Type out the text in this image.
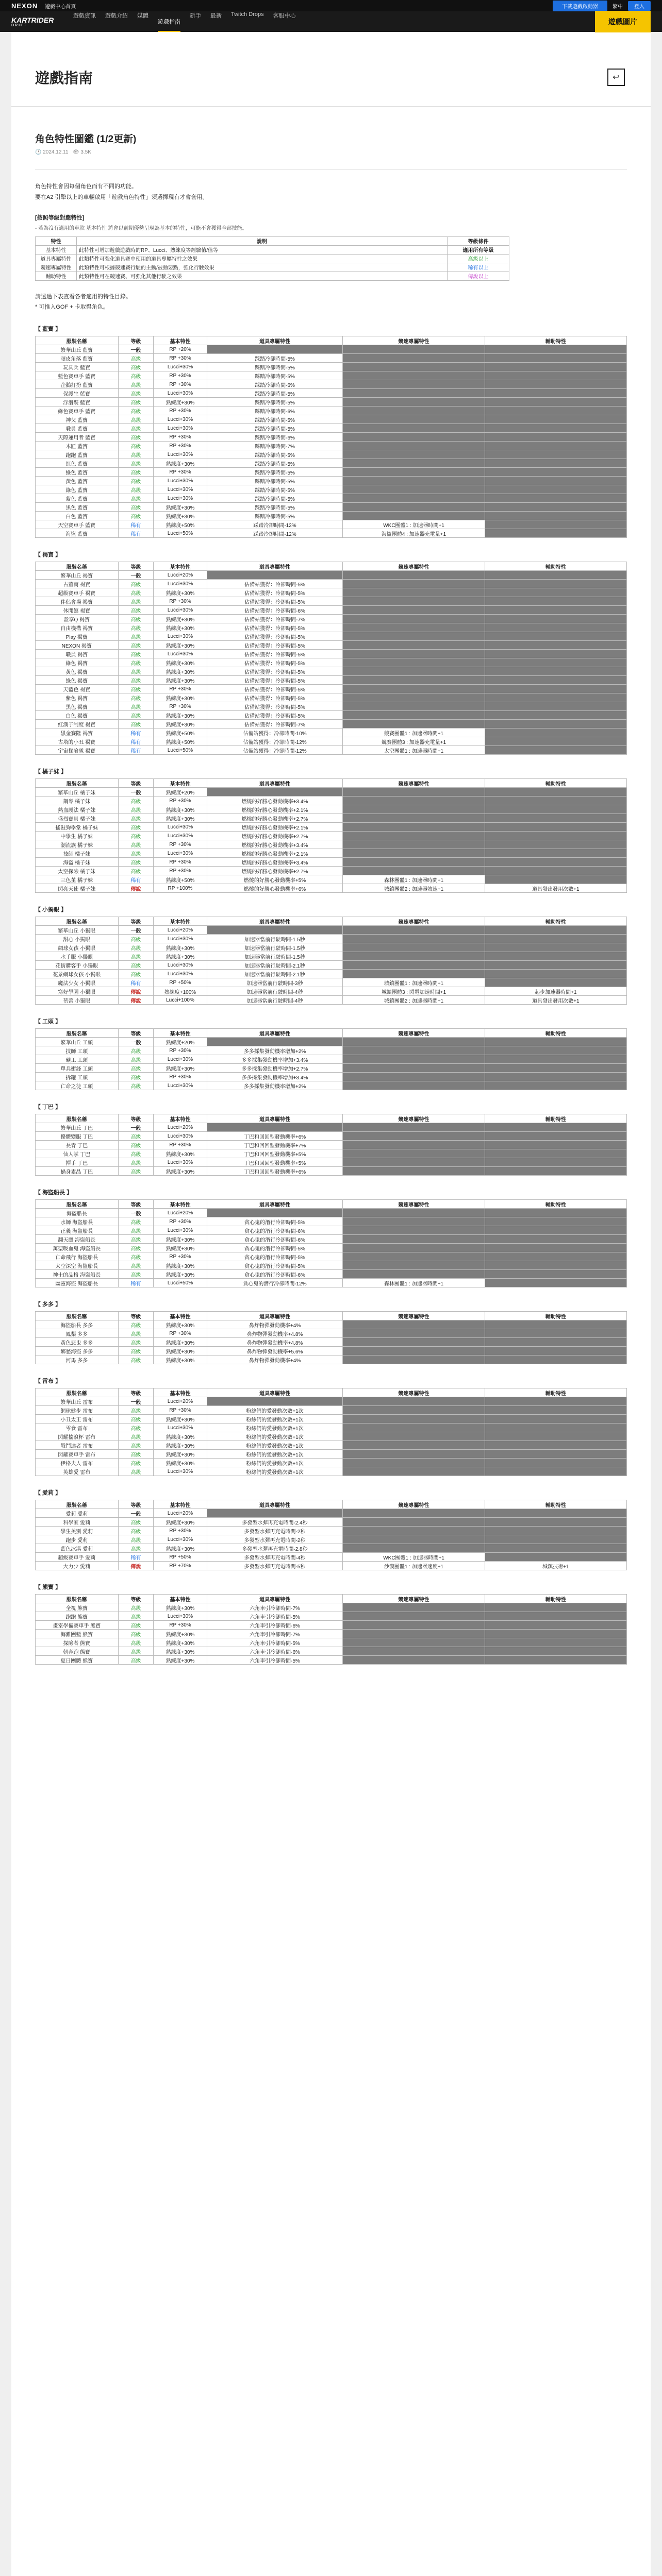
NEXON 遊戲中心首頁	下載遊戲啟動器	繁中	登入
KARTRIDER
DRIFT
遊戲資訊 遊戲介紹 媒體
遊戲指南
新手 最新 Twitch Drops 客服中心
遊戲圖片
遊戲指南	↩
角色特性圖鑑 (1/2更新)
🕓 2024.12.11 👁 3.5K
角色特性會因每個角色而有不同的功能。
要在A2 引擎以上的車輛啟用「遊戲角色特性」須選擇現有才會套用。
[按照等級對應特性]
- 若為沒有適用的車款 基本特性 將會以前期優勢呈現為基本的特性，可能不會獲得全部技能。
特性	說明	等級條件
基本特性	此特性可增加遊戲遊戲時的RP、Lucci、熟練度等經驗值/值等	適用所有等級
道具專屬特性	此類特性可強化道具賽中使用的道具專屬特性之效果	高級以上
競速專屬特性	此類特性可根據競速賽行駛的主動/被動要點，強化行駛效果	稀有以上
輔助特性	此類特性可在競速賽、可強化其他行駛之效果	傳說以上
請透過下表查看各者適用的特性目錄。
* 可推入GOF + 卡取得角色。
【 藍寶 】
服裝名稱	等級	基本特性	道具專屬特性	競速專屬特性	輔助特性
繁華山丘 藍寶	一般	RP +20%			
頑皮角落 藍寶	高級	RP +30%	踩踏冷卻時間-5%		
玩具兵 藍寶	高級	Lucci+30%	踩踏冷卻時間-5%		
藍色賽車手 藍寶	高級	RP +30%	踩踏冷卻時間-5%		
企鵝打扮 藍寶	高級	RP +30%	踩踏冷卻時間-6%		
保護生 藍寶	高級	Lucci+30%	踩踏冷卻時間-5%		
浮潛裝 藍寶	高級	熟練度+30%	踩踏冷卻時間-5%		
綠色賽車手 藍寶	高級	RP +30%	踩踏冷卻時間-6%		
神父 藍寶	高級	Lucci+30%	踩踏冷卻時間-5%		
職員 藍寶	高級	Lucci+30%	踩踏冷卻時間-5%		
天際運用者 藍寶	高級	RP +30%	踩踏冷卻時間-6%		
木匠 藍寶	高級	RP +30%	踩踏冷卻時間-7%		
跑跑 藍寶	高級	Lucci+30%	踩踏冷卻時間-5%		
紅色 藍寶	高級	熟練度+30%	踩踏冷卻時間-5%		
綠色 藍寶	高級	RP +30%	踩踏冷卻時間-5%		
黃色 藍寶	高級	Lucci+30%	踩踏冷卻時間-5%		
綠色 藍寶	高級	Lucci+30%	踩踏冷卻時間-5%		
紫色 藍寶	高級	Lucci+30%	踩踏冷卻時間-5%		
黑色 藍寶	高級	熟練度+30%	踩踏冷卻時間-5%		
白色 藍寶	高級	熟練度+30%	踩踏冷卻時間-5%		
天空賽車手 藍寶	稀有	熟練度+50%	踩踏冷卻時間-12%	WKC團體1 : 加速器時間+1	
海盜 藍寶	稀有	Lucci+50%	踩踏冷卻時間-12%	海盜團體4 : 加速器充電量+1	
【 褐寶 】
服裝名稱	等級	基本特性	道具專屬特性	競速專屬特性	輔助特性
繁華山丘 褐寶	一般	Lucci+20%			
古董商 褐寶	高級	Lucci+30%	佔備站獲得：冷卻時間-5%		
超級賽車手 褐寶	高級	熟練度+30%	佔備站獲得：冷卻時間-5%		
伴侶會場 褐寶	高級	RP +30%	佔備站獲得：冷卻時間-5%		
休閒館 褐寶	高級	Lucci+30%	佔備站獲得：冷卻時間-6%		
盈享Q 褐寶	高級	熟練度+30%	佔備站獲得：冷卻時間-7%		
自由機構 褐寶	高級	熟練度+30%	佔備站獲得：冷卻時間-5%		
Play 褐寶	高級	Lucci+30%	佔備站獲得：冷卻時間-5%		
NEXON 褐寶	高級	熟練度+30%	佔備站獲得：冷卻時間-5%		
職員 褐寶	高級	Lucci+30%	佔備站獲得：冷卻時間-5%		
綠色 褐寶	高級	熟練度+30%	佔備站獲得：冷卻時間-5%		
黃色 褐寶	高級	熟練度+30%	佔備站獲得：冷卻時間-5%		
綠色 褐寶	高級	熟練度+30%	佔備站獲得：冷卻時間-5%		
天藍色 褐寶	高級	RP +30%	佔備站獲得：冷卻時間-5%		
紫色 褐寶	高級	熟練度+30%	佔備站獲得：冷卻時間-5%		
黑色 褐寶	高級	RP +30%	佔備站獲得：冷卻時間-5%		
白色 褐寶	高級	熟練度+30%	佔備站獲得：冷卻時間-5%		
紅漢子制度 褐寶	高級	熟練度+30%	佔備站獲得：冷卻時間-7%		
黑金賽隆 褐寶	稀有	熟練度+50%	佔備站獲得：冷卻時間-10%	競賽團體1 : 加速器時間+1	
古塔的小丑 褐寶	稀有	熟練度+50%	佔備站獲得：冷卻時間-12%	競賽團體3 : 加速器充電量+1	
宇宙探險隊 褐寶	稀有	Lucci+50%	佔備站獲得：冷卻時間-12%	太空團體1 : 加速器時間+1	
【 橘子妹 】
服裝名稱	等級	基本特性	道具專屬特性	競速專屬特性	輔助特性
繁華山丘 橘子妹	一般	熟練度+20%			
鋼琴 橘子妹	高級	RP +30%	燃燒的好勝心發動機率+3.4%		
熱血護法 橘子妹	高級	熟練度+30%	燃燒的好勝心發動機率+2.1%		
盛烈寶貝 橘子妹	高級	熟練度+30%	燃燒的好勝心發動機率+2.7%		
搖鼓狗學堂 橘子妹	高級	Lucci+30%	燃燒的好勝心發動機率+2.1%		
中學生 橘子妹	高級	Lucci+30%	燃燒的好勝心發動機率+2.7%		
潮流族 橘子妹	高級	RP +30%	燃燒的好勝心發動機率+3.4%		
技師 橘子妹	高級	Lucci+30%	燃燒的好勝心發動機率+2.1%		
海盜 橘子妹	高級	RP +30%	燃燒的好勝心發動機率+3.4%		
太空探險 橘子妹	高級	RP +30%	燃燒的好勝心發動機率+2.7%		
三色堇 橘子妹	稀有	熟練度+50%	燃燒的好勝心發動機率+5%	森林團體1 : 加速器時間+1	
閃亮天使 橘子妹	傳說	RP +100%	燃燒的好勝心發動機率+6%	城鎮團體2 : 加速器效速+1	道具發出發用次數+1
【 小獨眼 】
服裝名稱	等級	基本特性	道具專屬特性	競速專屬特性	輔助特性
繁華山丘 小獨眼	一般	Lucci+20%			
甜心 小獨眼	高級	Lucci+30%	加速器當前行駛時間-1.5秒		
網球女孩 小獨眼	高級	熟練度+30%	加速器當前行駛時間-1.5秒		
水手服 小獨眼	高級	熟練度+30%	加速器當前行駛時間-1.5秒		
花街購客手 小獨眼	高級	Lucci+30%	加速器當前行駛時間-2.1秒		
花景網球女孩 小獨眼	高級	Lucci+30%	加速器當前行駛時間-2.1秒		
魔法少女 小獨眼	稀有	RP +50%	加速器當前行駛時間-3秒	城鎮團體1 : 加速器時間+1	
寫好學園 小獨眼	傳說	熟練度+100%	加速器當前行駛時間-4秒	城鎮團體3 : 閃電加速時間+1	起步加速器時間+1
蓓蕾 小獨眼	傳說	Lucci+100%	加速器當前行駛時間-4秒	城鎮團體2 : 加速器時間+1	道具發出發用次數+1
【 工頭 】
服裝名稱	等級	基本特性	道具專屬特性	競速專屬特性	輔助特性
繁華山丘 工頭	一般	熟練度+20%			
技師 工頭	高級	RP +30%	多多採集發動機率增加+2%		
礦工 工頭	高級	Lucci+30%	多多採集發動機率增加+3.4%		
單兵衝鋒 工頭	高級	熟練度+30%	多多採集發動機率增加+2.7%		
拆罐 工頭	高級	RP +30%	多多採集發動機率增加+3.4%		
亡命之徒 工頭	高級	Lucci+30%	多多採集發動機率增加+2%		
【 丁巴 】
服裝名稱	等級	基本特性	道具專屬特性	競速專屬特性	輔助特性
繁華山丘 丁巴	一般	Lucci+20%			
優體變服 丁巴	高級	Lucci+30%	丁巴和回回型發動機率+6%		
長青 丁巴	高級	RP +30%	丁巴和回回型發動機率+7%		
仙人掌 丁巴	高級	熟練度+30%	丁巴和回回型發動機率+5%		
揮手 丁巴	高級	Lucci+30%	丁巴和回回型發動機率+5%		
蝸身素晶 丁巴	高級	熟練度+30%	丁巴和回回型發動機率+6%		
【 海盜船長 】
服裝名稱	等級	基本特性	道具專屬特性	競速專屬特性	輔助特性
海盜船長	一般	Lucci+20%			
水師 海盜船長	高級	RP +30%	貪心鬼的潛行冷卻時間-5%		
正義 海盜船長	高級	Lucci+30%	貪心鬼的潛行冷卻時間-6%		
翻天鷹 海盜船長	高級	熟練度+30%	貪心鬼的潛行冷卻時間-6%		
萬聖吸血鬼 海盜船長	高級	熟練度+30%	貪心鬼的潛行冷卻時間-5%		
亡命飛行 海盜船長	高級	RP +30%	貪心鬼的潛行冷卻時間-5%		
太空深空 海盜船長	高級	熟練度+30%	貪心鬼的潛行冷卻時間-5%		
神士的品格 海盜船長	高級	熟練度+30%	貪心鬼的潛行冷卻時間-6%		
幽靈海盜 海盜船長	稀有	Lucci+50%	貪心鬼的潛行冷卻時間-12%	森林團體1 : 加速器時間+1	
【 多多 】
服裝名稱	等級	基本特性	道具專屬特性	競速專屬特性	輔助特性
海盜船長 多多	高級	熟練度+30%	鼻炸物彈發動機率+4%		
鳳梨 多多	高級	RP +30%	鼻炸物彈發動機率+4.8%		
黃色惡鬼 多多	高級	熟練度+30%	鼻炸物彈發動機率+4.8%		
鄉愁海盜 多多	高級	熟練度+30%	鼻炸物彈發動機率+5.6%		
河馬 多多	高級	熟練度+30%	鼻炸物彈發動機率+4%		
【 雷布 】
服裝名稱	等級	基本特性	道具專屬特性	競速專屬特性	輔助特性
繁華山丘 雷布	一般	Lucci+20%			
網球健步 雷布	高級	RP +30%	粉絲們的愛發動次數+1次		
小丑太王 雷布	高級	熟練度+30%	粉絲們的愛發動次數+1次		
零食 雷布	高級	Lucci+30%	粉絲們的愛發動次數+1次		
閃耀搖滾杯 雷布	高級	熟練度+30%	粉絲們的愛發動次數+1次		
戰鬥達者 雷布	高級	熟練度+30%	粉絲們的愛發動次數+1次		
閃耀賽車手 雷布	高級	熟練度+30%	粉絲們的愛發動次數+1次		
伊格夫人 雷布	高級	熟練度+30%	粉絲們的愛發動次數+1次		
英雄愛 雷布	高級	Lucci+30%	粉絲們的愛發動次數+1次		
【 愛莉 】
服裝名稱	等級	基本特性	道具專屬特性	競速專屬特性	輔助特性
愛莉 愛莉	一般	Lucci+20%			
科學家 愛莉	高級	熟練度+30%	多發型水彈再充電時間-2.4秒		
學生美別 愛莉	高級	RP +30%	多發型水彈再充電時間-2秒		
跑步 愛莉	高級	Lucci+30%	多發型水彈再充電時間-2秒		
藍色冰淇 愛莉	高級	熟練度+30%	多發型水彈再充電時間-2.8秒		
超級賽車手 愛莉	稀有	RP +50%	多發型水彈再充電時間-4秒	WKC團體1 : 加速器時間+1	
大力少 愛莉	傳說	RP +70%	多發型水彈再充電時間-5秒	沙漠團體1 : 加速器速度+1	城鎮技術+1
【 熊寶 】
服裝名稱	等級	基本特性	道具專屬特性	競速專屬特性	輔助特性
全視 熊寶	高級	熟練度+30%	六角車引冷卻時間-7%		
跑跑 熊寶	高級	Lucci+30%	六角車引冷卻時間-5%		
畫室學備賽車手 熊寶	高級	RP +30%	六角車引冷卻時間-6%		
海灘團藍 熊寶	高級	熟練度+30%	六角車引冷卻時間-7%		
探險者 熊寶	高級	熟練度+30%	六角車引冷卻時間-5%		
朝奔跑 熊寶	高級	熟練度+30%	六角車引冷卻時間-6%		
夏日團體 熊寶	高級	熟練度+30%	六角車引冷卻時間-5%		
